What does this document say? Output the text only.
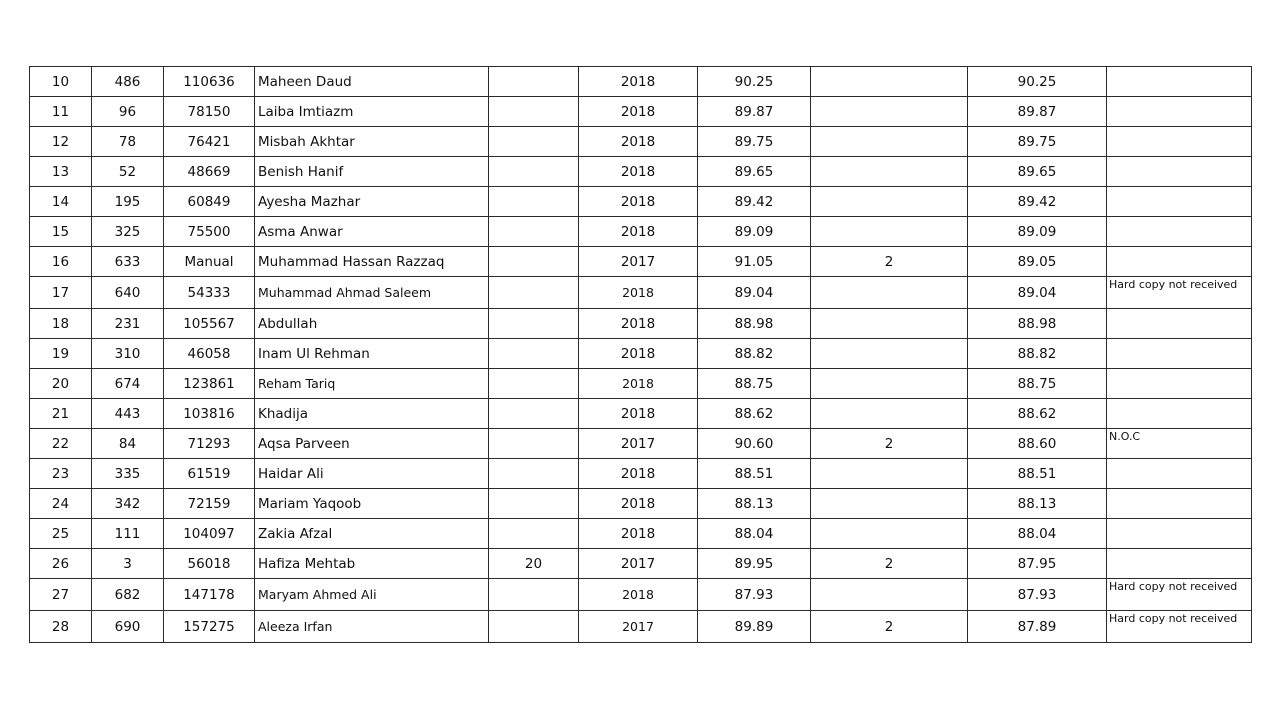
10	486	110636	Maheen Daud		2018	90.25		90.25	
11	96	78150	Laiba Imtiazm		2018	89.87		89.87	
12	78	76421	Misbah Akhtar		2018	89.75		89.75	
13	52	48669	Benish Hanif		2018	89.65		89.65	
14	195	60849	Ayesha Mazhar		2018	89.42		89.42	
15	325	75500	Asma Anwar		2018	89.09		89.09	
16	633	Manual	Muhammad Hassan Razzaq		2017	91.05	2	89.05	
17	640	54333	Muhammad Ahmad Saleem		2018	89.04		89.04	Hard copy not received
18	231	105567	Abdullah		2018	88.98		88.98	
19	310	46058	Inam Ul Rehman		2018	88.82		88.82	
20	674	123861	Reham Tariq		2018	88.75		88.75	
21	443	103816	Khadija		2018	88.62		88.62	
22	84	71293	Aqsa Parveen		2017	90.60	2	88.60	N.O.C
23	335	61519	Haidar Ali		2018	88.51		88.51	
24	342	72159	Mariam Yaqoob		2018	88.13		88.13	
25	111	104097	Zakia Afzal		2018	88.04		88.04	
26	3	56018	Hafiza Mehtab	20	2017	89.95	2	87.95	
27	682	147178	Maryam Ahmed Ali		2018	87.93		87.93	Hard copy not received
28	690	157275	Aleeza Irfan		2017	89.89	2	87.89	Hard copy not received
